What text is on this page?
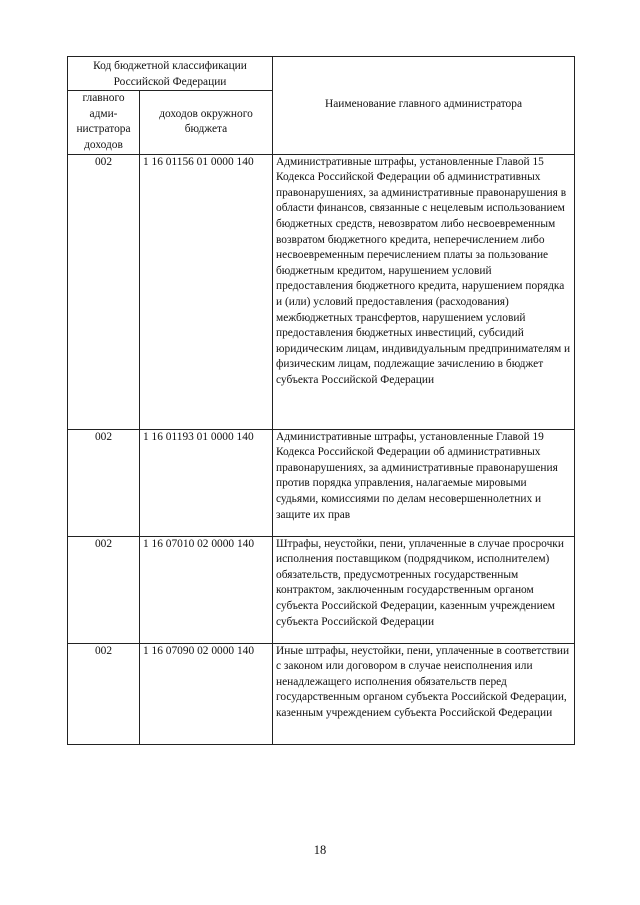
Код бюджетной классификации Российской Федерации		Наименование главного администратора
главного адми-нистратора доходов	доходов окружного бюджета	
002	1 16 01156 01 0000 140	Административные штрафы, установленные Главой 15 Кодекса Российской Федерации об административных правонарушениях, за административные правонарушения в области финансов, связанные с нецелевым использованием бюджетных средств, невозвратом либо несвоевременным возвратом бюджетного кредита, неперечислением либо несвоевременным перечислением платы за пользование бюджетным кредитом, нарушением условий предоставления бюджетного кредита, нарушением порядка и (или) условий предоставления (расходования) межбюджетных трансфертов, нарушением условий предоставления бюджетных инвестиций, субсидий юридическим лицам, индивидуальным предпринимателям и физическим лицам, подлежащие зачислению в бюджет субъекта Российской Федерации
002	1 16 01193 01 0000 140	Административные штрафы, установленные Главой 19 Кодекса Российской Федерации об административных правонарушениях, за административные правонарушения против порядка управления, налагаемые мировыми судьями, комиссиями по делам несовершеннолетних и защите их прав
002	1 16 07010 02 0000 140	Штрафы, неустойки, пени, уплаченные в случае просрочки исполнения поставщиком (подрядчиком, исполнителем) обязательств, предусмотренных государственным контрактом, заключенным государственным органом субъекта Российской Федерации, казенным учреждением субъекта Российской Федерации
002	1 16 07090 02 0000 140	Иные штрафы, неустойки, пени, уплаченные в соответствии с законом или договором в случае неисполнения или ненадлежащего исполнения обязательств перед государственным органом субъекта Российской Федерации, казенным учреждением субъекта Российской Федерации
18
